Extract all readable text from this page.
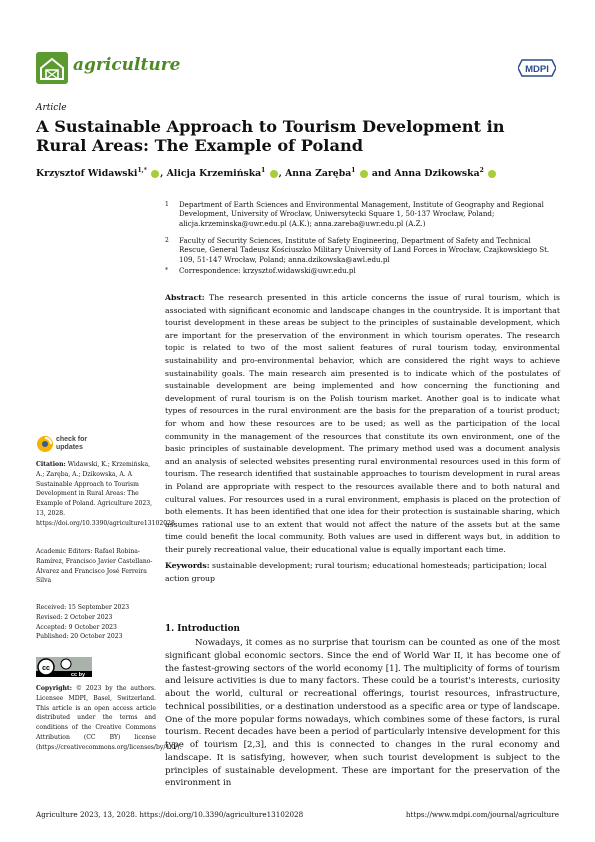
agriculture	MDPI
Article
A Sustainable Approach to Tourism Development in Rural Areas: The Example of Poland
Krzysztof Widawski$^{1,*}$ , Alicja Krzemińska$^1$ , Anna Zaręba$^1$  and Anna Dzikowska$^2$
1 Department of Earth Sciences and Environmental Management, Institute of Geography and Regional Development, University of Wrocław, Uniwersytecki Square 1, 50-137 Wrocław, Poland; alicja.krzeminska@uwr.edu.pl (A.K.); anna.zareba@uwr.edu.pl (A.Z.)
2 Faculty of Security Sciences, Institute of Safety Engineering, Department of Safety and Technical Rescue, General Tadeusz Kościuszko Military University of Land Forces in Wrocław, Czajkowskiego St. 109, 51-147 Wrocław, Poland; anna.dzikowska@awl.edu.pl
* Correspondence: krzysztof.widawski@uwr.edu.pl
Abstract: The research presented in this article concerns the issue of rural tourism, which is associated with significant economic and landscape changes in the countryside. It is important that tourist development in these areas be subject to the principles of sustainable development, which are important for the preservation of the environment in which tourism operates. The research topic is related to two of the most salient features of rural tourism today, environmental sustainability and pro-environmental behavior, which are considered the right ways to achieve sustainability goals. The main research aim presented is to indicate which of the postulates of sustainable development are being implemented and how concerning the functioning and development of rural tourism is on the Polish tourism market. Another goal is to indicate what types of resources in the rural environment are the basis for the preparation of a tourist product; for whom and how these resources are to be used; as well as the participation of the local community in the management of the resources that constitute its own environment, one of the basic principles of sustainable development. The primary method used was a document analysis and an analysis of selected websites presenting rural environmental resources used in this form of tourism. The research identified that sustainable approaches to tourism development in rural areas in Poland are appropriate with respect to the resources available there and to both natural and cultural values. For resources used in a rural environment, emphasis is placed on the protection of both elements. It has been identified that one idea for their protection is sustainable sharing, which assumes rational use to an extent that would not affect the nature of the assets but at the same time could benefit the local community. Both values are used in different ways but, in addition to their purely recreational value, their educational value is equally important each time.
Keywords: sustainable development; rural tourism; educational homesteads; participation; local action group
check for updates
Citation: Widawski, K.; Krzemińska, A.; Zaręba, A.; Dzikowska, A. A Sustainable Approach to Tourism Development in Rural Areas: The Example of Poland. Agriculture 2023, 13, 2028. https://doi.org/10.3390/agriculture13102028
Academic Editors: Rafael Robina-Ramírez, Francisco Javier Castellano-Álvarez and Francisco José Ferreira Silva
Received: 15 September 2023
Revised: 2 October 2023
Accepted: 9 October 2023
Published: 20 October 2023
cc
cc by
Copyright: © 2023 by the authors. Licensee MDPI, Basel, Switzerland. This article is an open access article distributed under the terms and conditions of the Creative Commons Attribution (CC BY) license (https://creativecommons.org/licenses/by/4.0/).
1. Introduction
Nowadays, it comes as no surprise that tourism can be counted as one of the most significant global economic sectors. Since the end of World War II, it has become one of the fastest-growing sectors of the world economy [1]. The multiplicity of forms of tourism and leisure activities is due to many factors. These could be a tourist's interests, curiosity about the world, cultural or recreational offerings, tourist resources, infrastructure, technical possibilities, or a destination understood as a specific area or type of landscape. One of the more popular forms nowadays, which combines some of these factors, is rural tourism. Recent decades have been a period of particularly intensive development for this type of tourism [2,3], and this is connected to changes in the rural economy and landscape. It is satisfying, however, when such tourist development is subject to the principles of sustainable development. These are important for the preservation of the environment in
Agriculture 2023, 13, 2028. https://doi.org/10.3390/agriculture13102028	https://www.mdpi.com/journal/agriculture
